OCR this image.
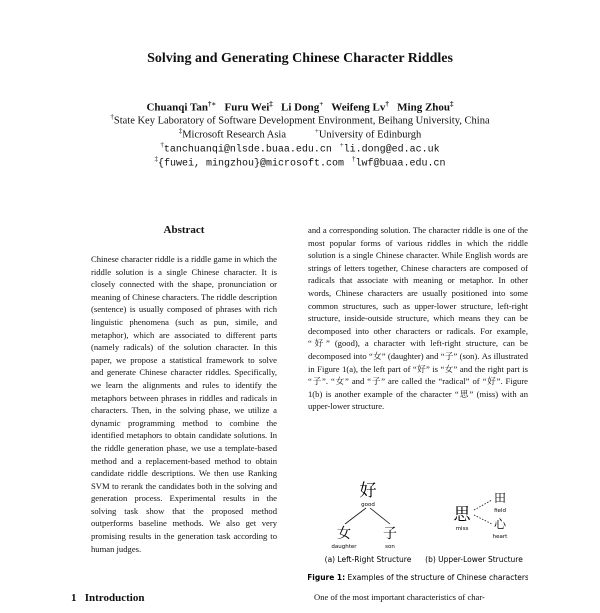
Solving and Generating Chinese Character Riddles
Chuanqi Tan†∗ Furu Wei‡ Li Dong+ Weifeng Lv† Ming Zhou‡
†State Key Laboratory of Software Development Environment, Beihang University, China
‡Microsoft Research Asia	+University of Edinburgh
†tanchuanqi@nlsde.buaa.edu.cn +li.dong@ed.ac.uk
‡{fuwei, mingzhou}@microsoft.com †lwf@buaa.edu.cn
Abstract
Chinese character riddle is a riddle game in which the riddle solution is a single Chinese character. It is closely connected with the shape, pronunciation or meaning of Chinese characters. The riddle description (sentence) is usually composed of phrases with rich linguistic phenomena (such as pun, simile, and metaphor), which are associated to different parts (namely radicals) of the solution character. In this paper, we propose a statistical framework to solve and generate Chinese character riddles. Specifically, we learn the alignments and rules to identify the metaphors between phrases in riddles and radicals in characters. Then, in the solving phase, we utilize a dynamic programming method to combine the identified metaphors to obtain candidate solutions. In the riddle generation phase, we use a template-based method and a replacement-based method to obtain candidate riddle descriptions. We then use Ranking SVM to rerank the candidates both in the solving and generation process. Experimental results in the solving task show that the proposed method outperforms baseline methods. We also get very promising results in the generation task according to human judges.
and a corresponding solution. The character riddle is one of the most popular forms of various riddles in which the riddle solution is a single Chinese character. While English words are strings of letters together, Chinese characters are composed of radicals that associate with meaning or metaphor. In other words, Chinese characters are usually positioned into some common structures, such as upper-lower structure, left-right structure, inside-outside structure, which means they can be decomposed into other characters or radicals. For example, “好” (good), a character with left-right structure, can be decomposed into “女” (daughter) and “子” (son). As illustrated in Figure 1(a), the left part of “好” is “女” and the right part is “子”. “女” and “子” are called the “radical” of “好”. Figure 1(b) is another example of the character “思” (miss) with an upper-lower structure.
好
good
女
daughter
子
son
(a) Left-Right Structure
思
miss
田
field
心
heart
(b) Upper-Lower Structure
Figure 1: Examples of the structure of Chinese characters
1 Introduction	One of the most important characteristics of char-
